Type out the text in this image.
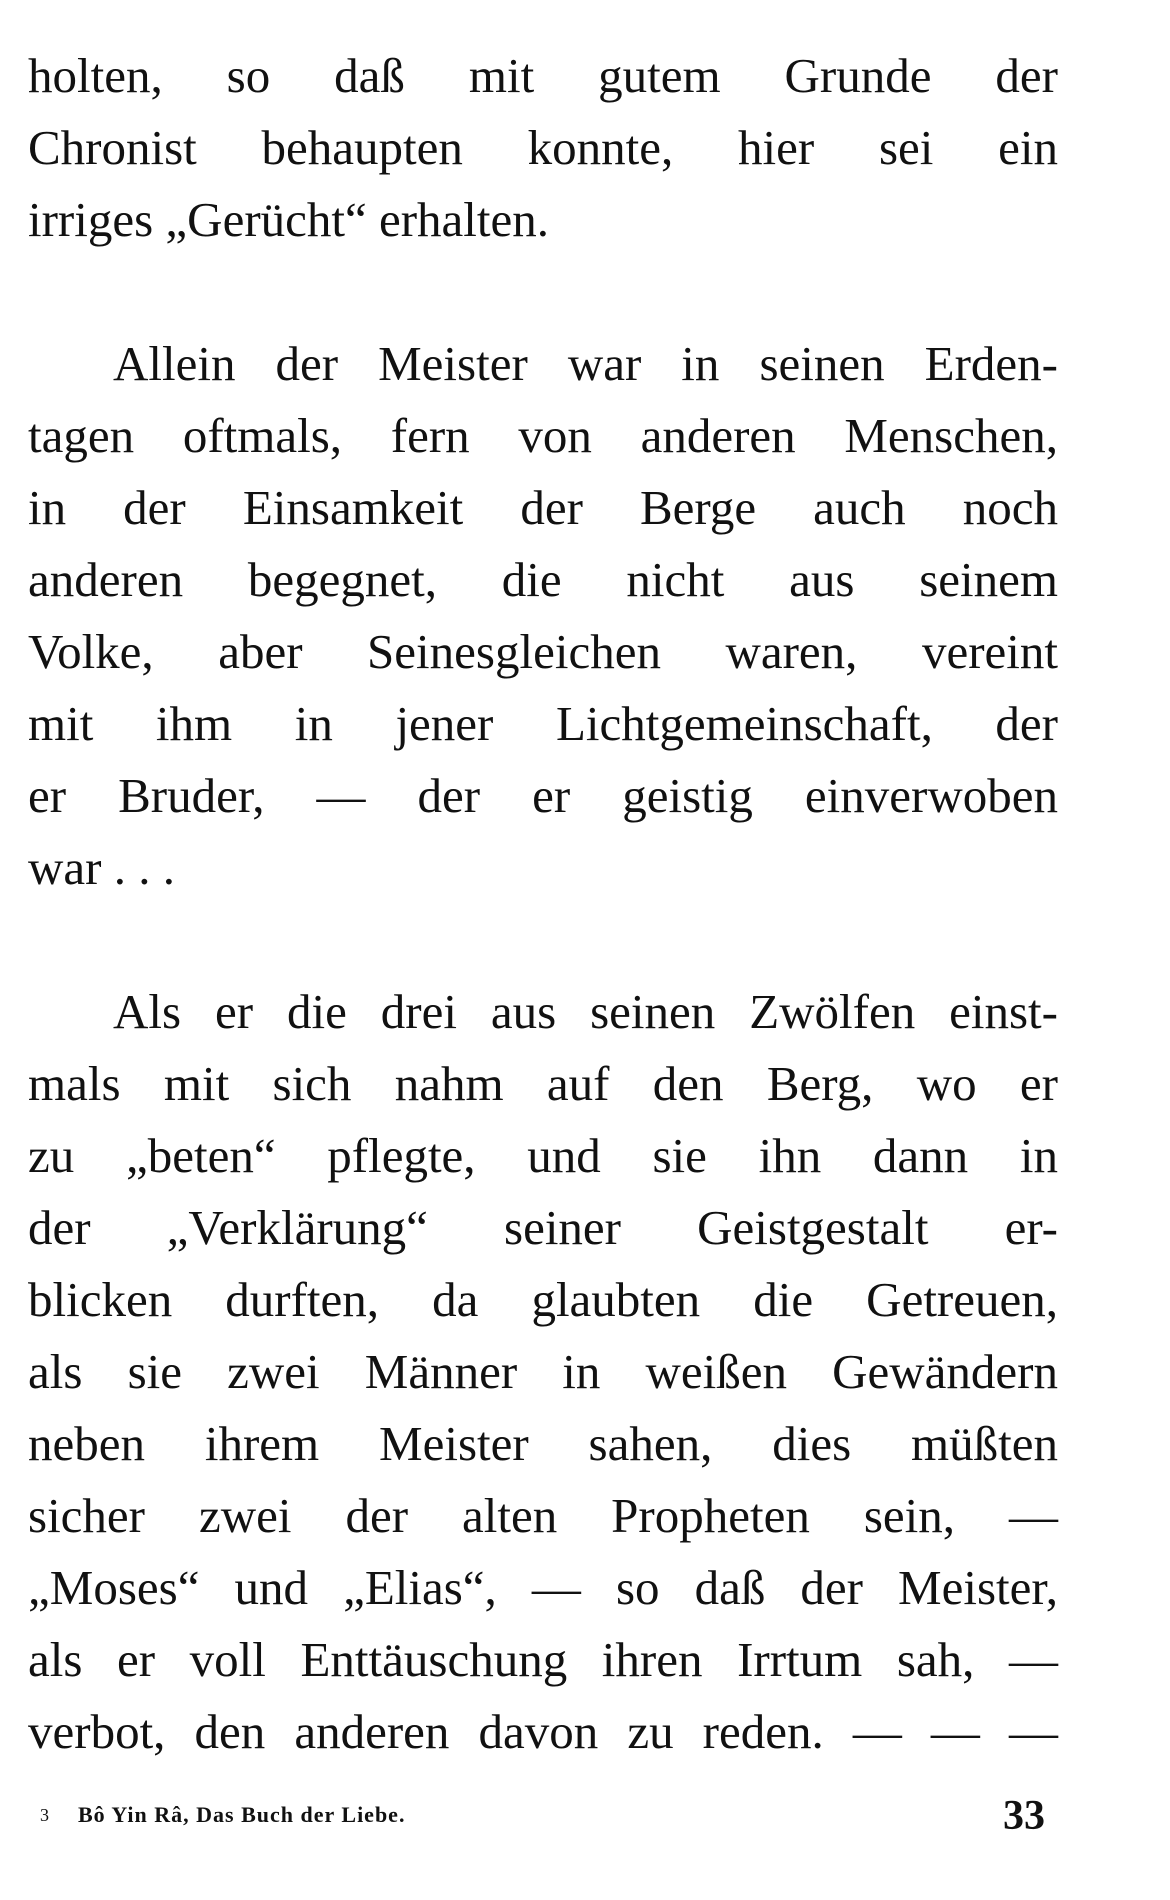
holten, so daß mit gutem Grunde der
Chronist behaupten konnte, hier sei ein
irriges „Gerücht“ erhalten.

Allein der Meister war in seinen Erden-
tagen oftmals, fern von anderen Menschen,
in der Einsamkeit der Berge auch noch
anderen begegnet, die nicht aus seinem
Volke, aber Seinesgleichen waren, vereint
mit ihm in jener Lichtgemeinschaft, der
er Bruder, — der er geistig einverwoben
war . . .

Als er die drei aus seinen Zwölfen einst-
mals mit sich nahm auf den Berg, wo er
zu „beten“ pflegte, und sie ihn dann in
der „Verklärung“ seiner Geistgestalt er-
blicken durften, da glaubten die Getreuen,
als sie zwei Männer in weißen Gewändern
neben ihrem Meister sahen, dies müßten
sicher zwei der alten Propheten sein, —
„Moses“ und „Elias“, — so daß der Meister,
als er voll Enttäuschung ihren Irrtum sah, —
verbot, den anderen davon zu reden. — — —

3 Bô Yin Râ, Das Buch der Liebe.	33
